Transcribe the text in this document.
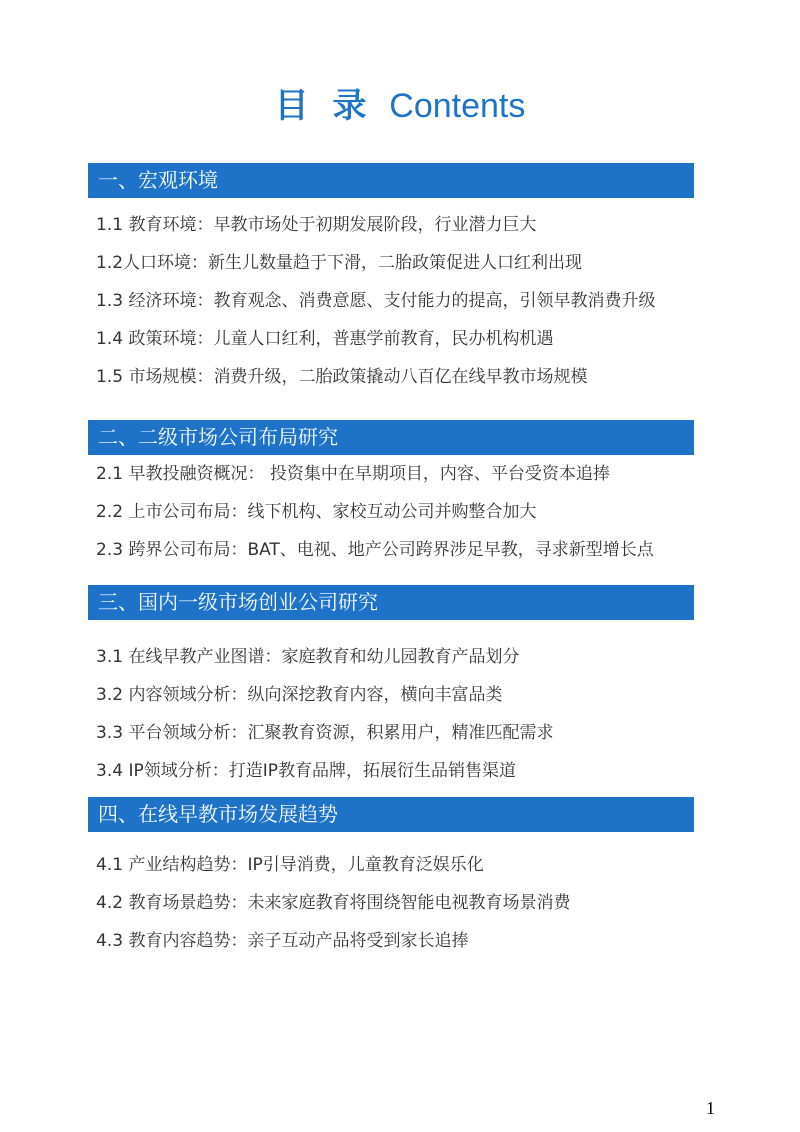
目 录 Contents
一、宏观环境
1.1 教育环境：早教市场处于初期发展阶段，行业潜力巨大
1.2人口环境：新生儿数量趋于下滑，二胎政策促进人口红利出现
1.3 经济环境：教育观念、消费意愿、支付能力的提高，引领早教消费升级
1.4 政策环境：儿童人口红利，普惠学前教育，民办机构机遇
1.5 市场规模：消费升级，二胎政策撬动八百亿在线早教市场规模
二、二级市场公司布局研究
2.1 早教投融资概况： 投资集中在早期项目，内容、平台受资本追捧
2.2 上市公司布局：线下机构、家校互动公司并购整合加大
2.3 跨界公司布局：BAT、电视、地产公司跨界涉足早教，寻求新型增长点
三、国内一级市场创业公司研究
3.1 在线早教产业图谱：家庭教育和幼儿园教育产品划分
3.2 内容领域分析：纵向深挖教育内容，横向丰富品类
3.3 平台领域分析：汇聚教育资源，积累用户，精准匹配需求
3.4 IP领域分析：打造IP教育品牌，拓展衍生品销售渠道
四、在线早教市场发展趋势
4.1 产业结构趋势：IP引导消费，儿童教育泛娱乐化
4.2 教育场景趋势：未来家庭教育将围绕智能电视教育场景消费
4.3 教育内容趋势：亲子互动产品将受到家长追捧
1
